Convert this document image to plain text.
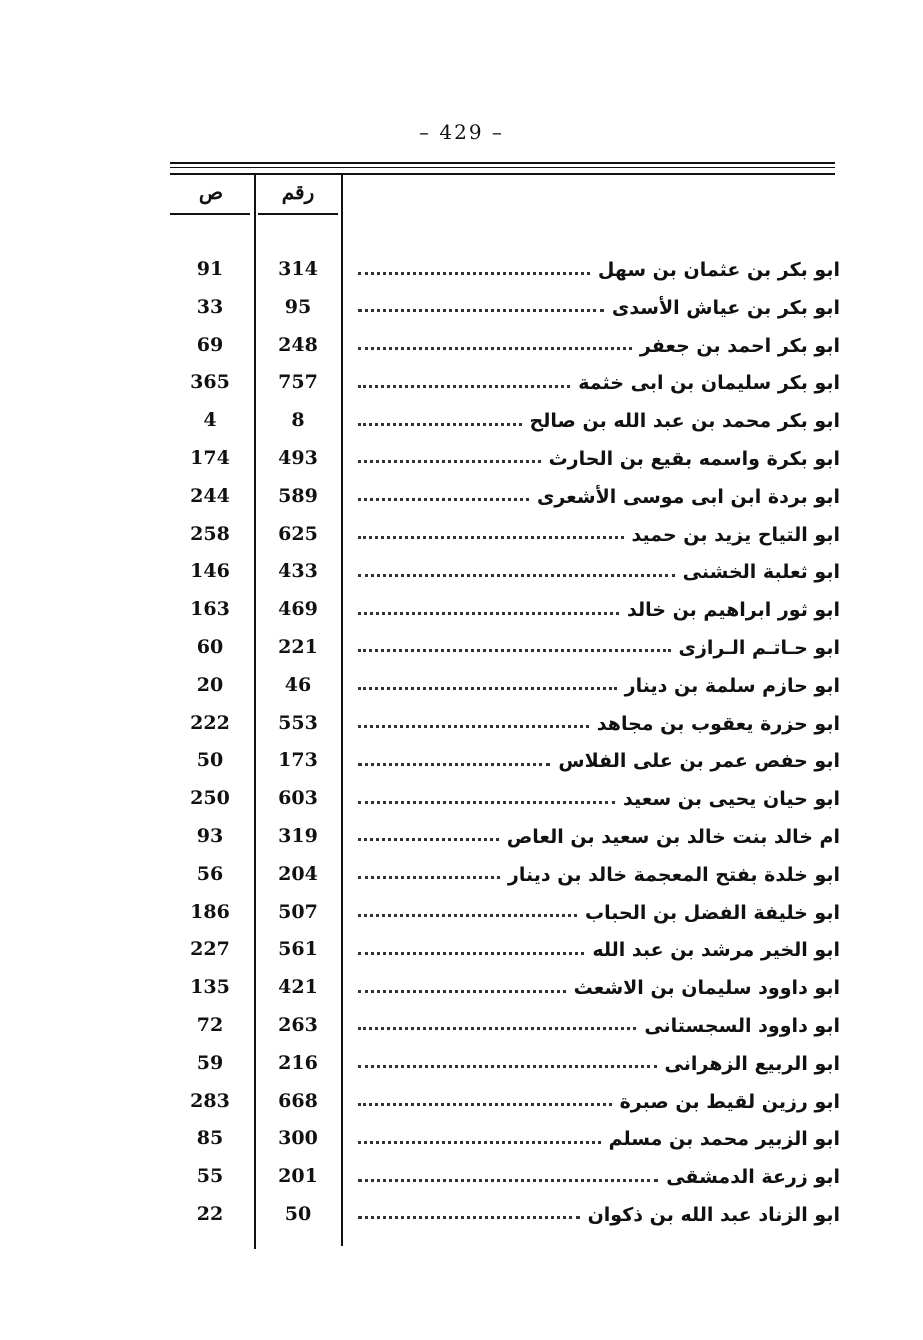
– 429 –
ص	رقم
91	314	ابو بكر بن عثمان بن سهل
33	95	ابو بكر بن عياش الأسدى
69	248	ابو بكر احمد بن جعفر
365	757	ابو بكر سليمان بن ابى خثمة
4	8	ابو بكر محمد بن عبد الله بن صالح
174	493	ابو بكرة واسمه بقيع بن الحارث
244	589	ابو بردة ابن ابى موسى الأشعرى
258	625	ابو التياح يزيد بن حميد
146	433	ابو ثعلبة الخشنى
163	469	ابو ثور ابراهيم بن خالد
60	221	ابو حـاتـم الـرازى
20	46	ابو حازم سلمة بن دينار
222	553	ابو حزرة يعقوب بن مجاهد
50	173	ابو حفص عمر بن على الفلاس
250	603	ابو حيان يحيى بن سعيد
93	319	ام خالد بنت خالد بن سعيد بن العاص
56	204	ابو خلدة بفتح المعجمة خالد بن دينار
186	507	ابو خليفة الفضل بن الحباب
227	561	ابو الخير مرشد بن عبد الله
135	421	ابو داوود سليمان بن الاشعث
72	263	ابو داوود السجستانى
59	216	ابو الربيع الزهرانى
283	668	ابو رزين لقيط بن صبرة
85	300	ابو الزبير محمد بن مسلم
55	201	ابو زرعة الدمشقى
22	50	ابو الزناد عبد الله بن ذكوان
